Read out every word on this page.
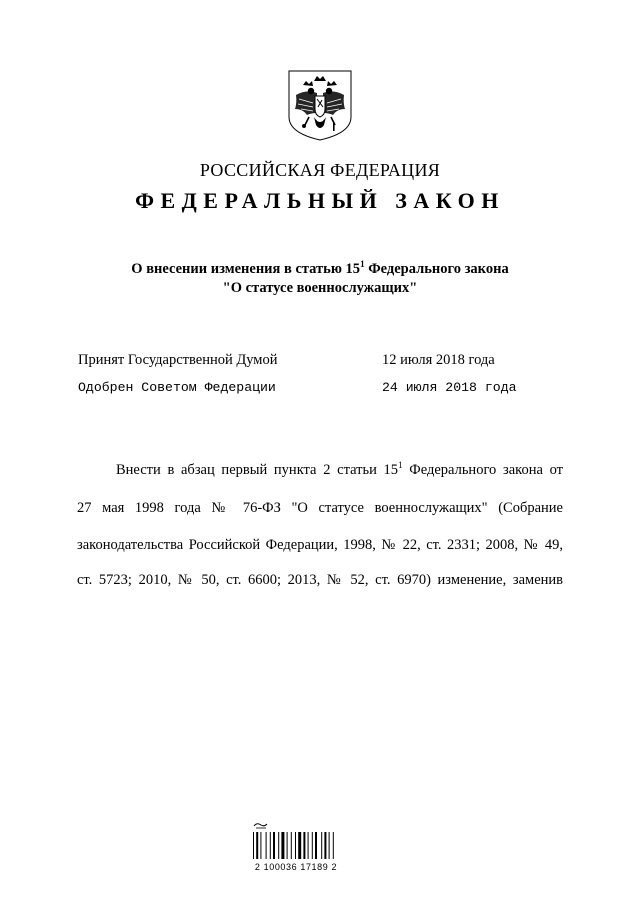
РОССИЙСКАЯ ФЕДЕРАЦИЯ
ФЕДЕРАЛЬНЫЙ ЗАКОН
О внесении изменения в статью $15^1$ Федерального закона
"О статусе военнослужащих"
Принят Государственной Думой	12 июля 2018 года
Одобрен Советом Федерации	24 июля 2018 года
Внести в абзац первый пункта 2 статьи $15^1$ Федерального закона от
27 мая 1998 года № 76-ФЗ "О статусе военнослужащих" (Собрание
законодательства Российской Федерации, 1998, № 22, ст. 2331; 2008, № 49,
ст. 5723; 2010, № 50, ст. 6600; 2013, № 52, ст. 6970) изменение, заменив
2 100036 17189 2
